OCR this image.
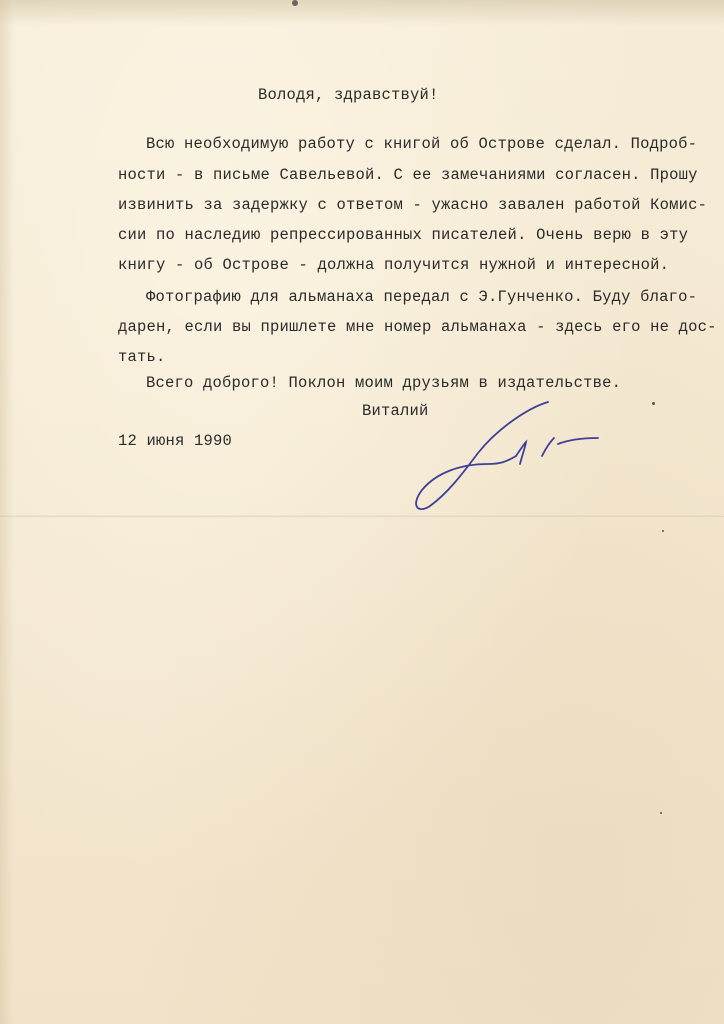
Володя, здравствуй!
Всю необходимую работу с книгой об Острове сделал. Подроб-
ности - в письме Савельевой. С ее замечаниями согласен. Прошу
извинить за задержку с ответом - ужасно завален работой Комис-
сии по наследию репрессированных писателей. Очень верю в эту
книгу - об Острове - должна получится нужной и интересной.
Фотографию для альманаха передал с Э.Гунченко. Буду благо-
дарен, если вы пришлете мне номер альманаха - здесь его не дос-
тать.
Всего доброго! Поклон моим друзьям в издательстве.
Виталий
12 июня 1990
